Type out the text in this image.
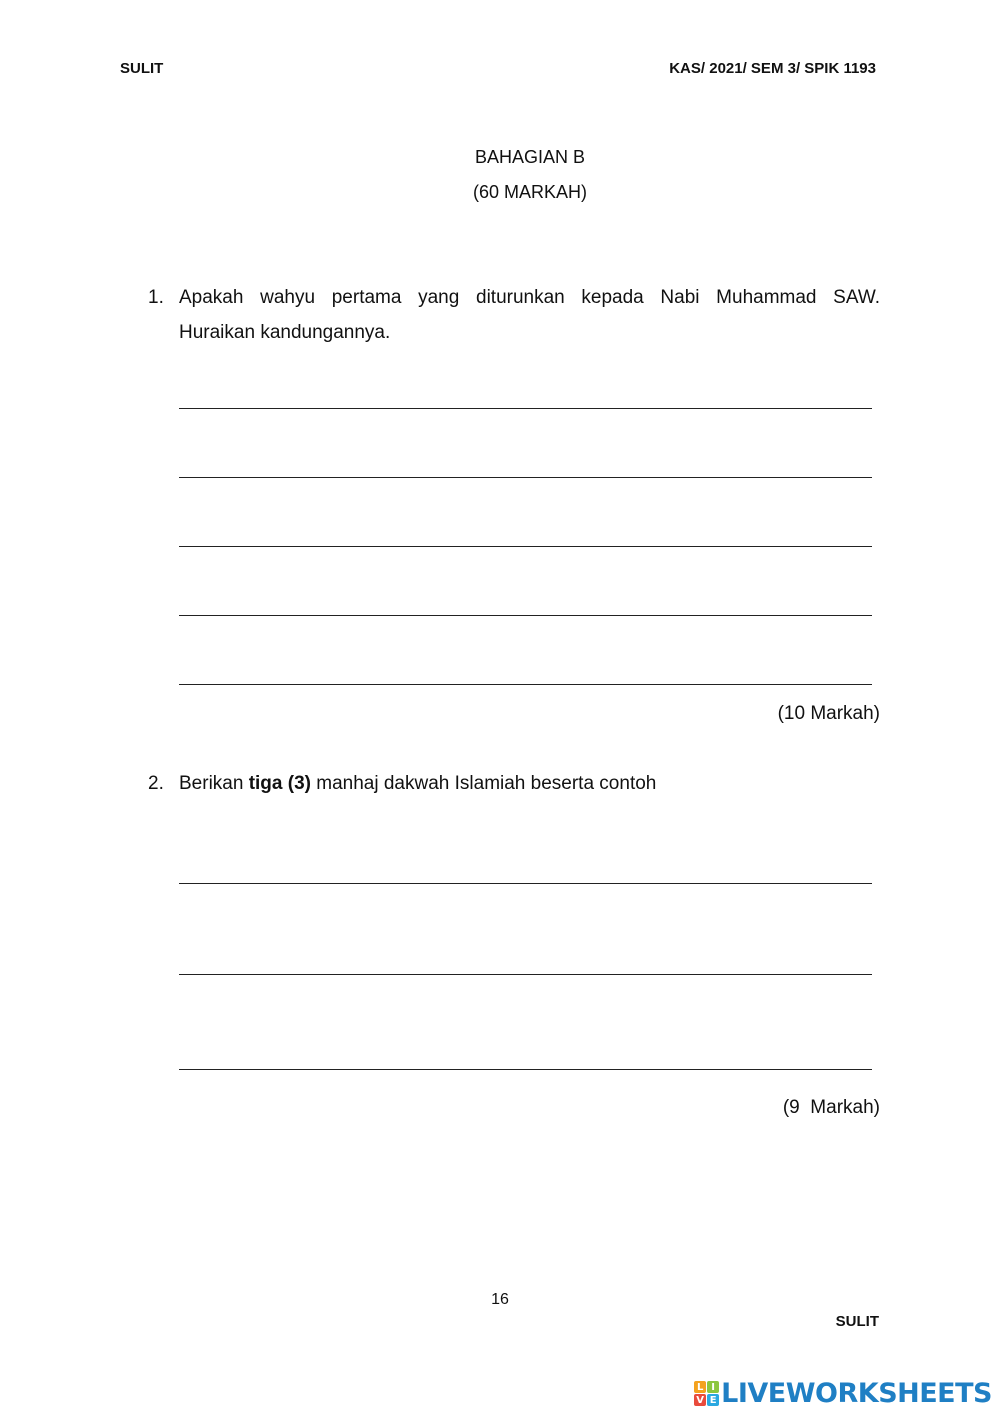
SULIT	KAS/ 2021/ SEM 3/ SPIK 1193
BAHAGIAN B
(60 MARKAH)
1. Apakah wahyu pertama yang diturunkan kepada Nabi Muhammad SAW.
Huraikan kandungannya.
(10 Markah)
2. Berikan tiga (3) manhaj dakwah Islamiah beserta contoh
(9  Markah)
16
SULIT
L I
V E LIVEWORKSHEETS
